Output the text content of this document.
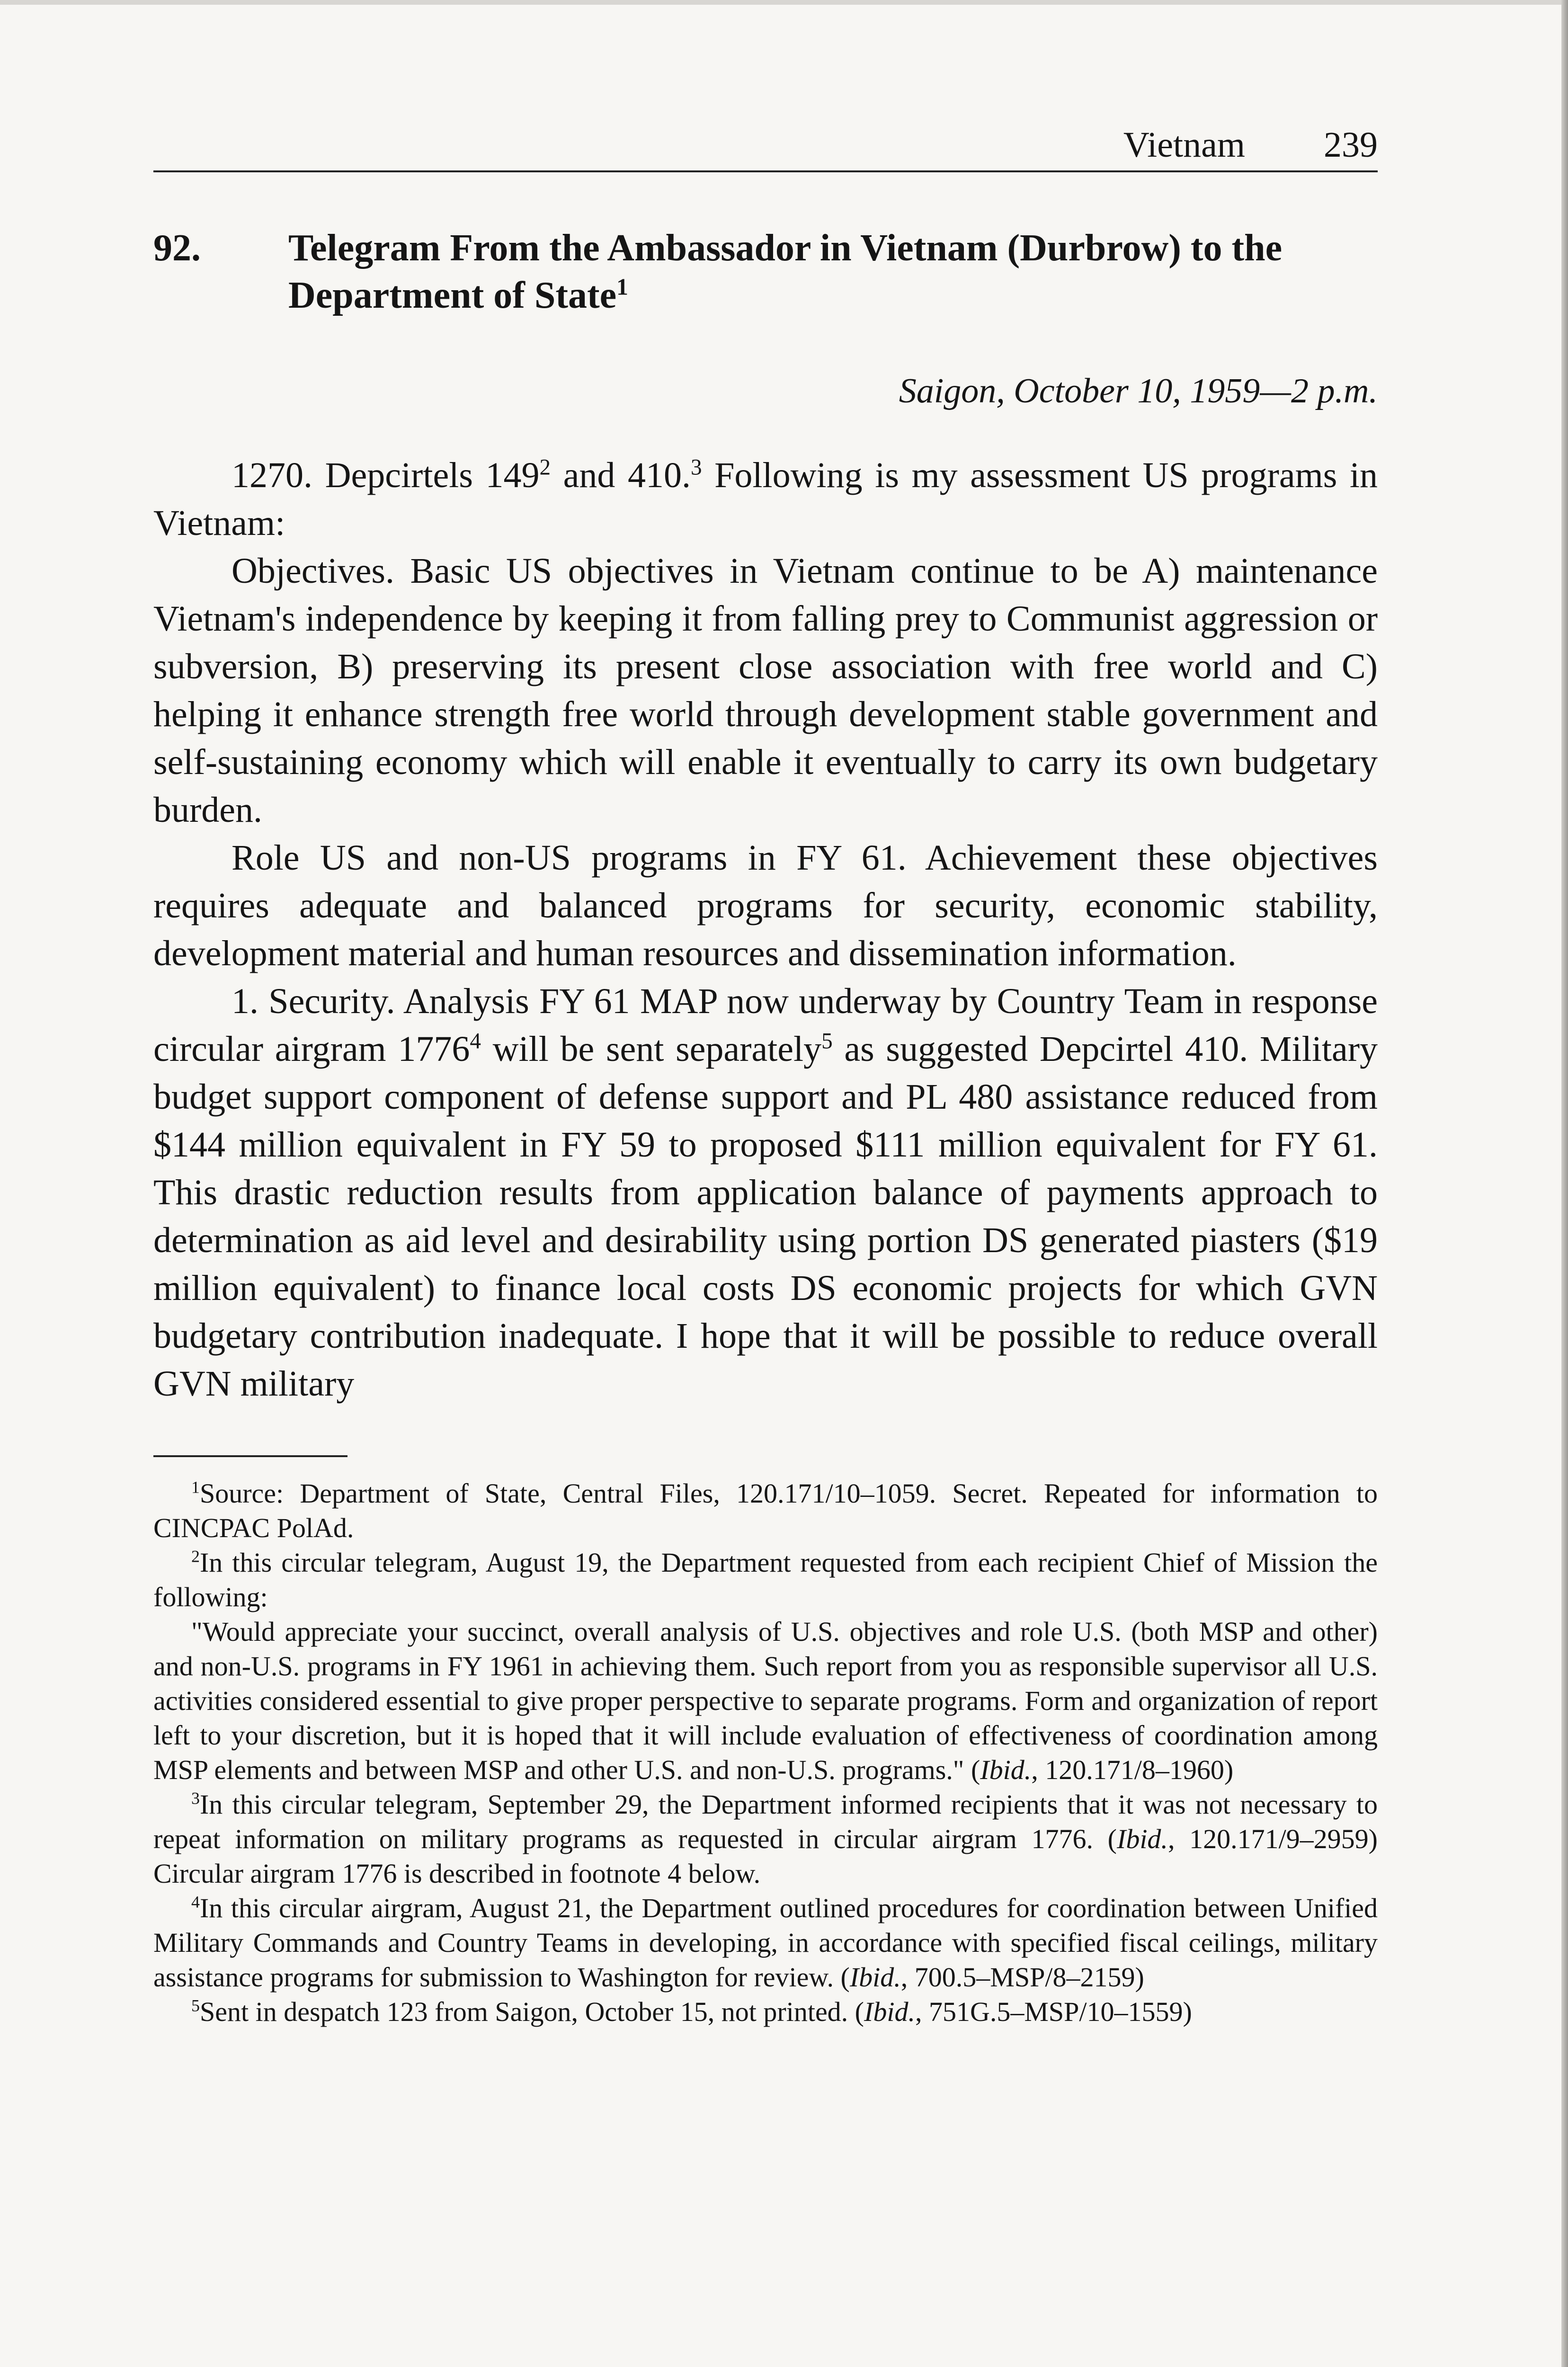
Vietnam 239
92.	Telegram From the Ambassador in Vietnam (Durbrow) to the Department of State$^1$
Saigon, October 10, 1959—2 p.m.

1270. Depcirtels $149^2$ and 410.$^3$ Following is my assessment US programs in Vietnam:

Objectives. Basic US objectives in Vietnam continue to be A) maintenance Vietnam's independence by keeping it from falling prey to Communist aggression or subversion, B) preserving its present close association with free world and C) helping it enhance strength free world through development stable government and self-sustaining economy which will enable it eventually to carry its own budgetary burden.

Role US and non-US programs in FY 61. Achievement these objectives requires adequate and balanced programs for security, economic stability, development material and human resources and dissemination information.

1. Security. Analysis FY 61 MAP now underway by Country Team in response circular airgram 1776$^4$ will be sent separately$^5$ as suggested Depcirtel 410. Military budget support component of defense support and PL 480 assistance reduced from $144 million equivalent in FY 59 to proposed $111 million equivalent for FY 61. This drastic reduction results from application balance of payments approach to determination as aid level and desirability using portion DS generated piasters ($19 million equivalent) to finance local costs DS economic projects for which GVN budgetary contribution inadequate. I hope that it will be possible to reduce overall GVN military

$^1$Source: Department of State, Central Files, 120.171/10–1059. Secret. Repeated for information to CINCPAC PolAd.

$^2$In this circular telegram, August 19, the Department requested from each recipient Chief of Mission the following:

"Would appreciate your succinct, overall analysis of U.S. objectives and role U.S. (both MSP and other) and non-U.S. programs in FY 1961 in achieving them. Such report from you as responsible supervisor all U.S. activities considered essential to give proper perspective to separate programs. Form and organization of report left to your discretion, but it is hoped that it will include evaluation of effectiveness of coordination among MSP elements and between MSP and other U.S. and non-U.S. programs." (Ibid., 120.171/8–1960)

$^3$In this circular telegram, September 29, the Department informed recipients that it was not necessary to repeat information on military programs as requested in circular airgram 1776. (Ibid., 120.171/9–2959) Circular airgram 1776 is described in footnote 4 below.

$^4$In this circular airgram, August 21, the Department outlined procedures for coordination between Unified Military Commands and Country Teams in developing, in accordance with specified fiscal ceilings, military assistance programs for submission to Washington for review. (Ibid., 700.5–MSP/8–2159)

$^5$Sent in despatch 123 from Saigon, October 15, not printed. (Ibid., 751G.5–MSP/10–1559)
